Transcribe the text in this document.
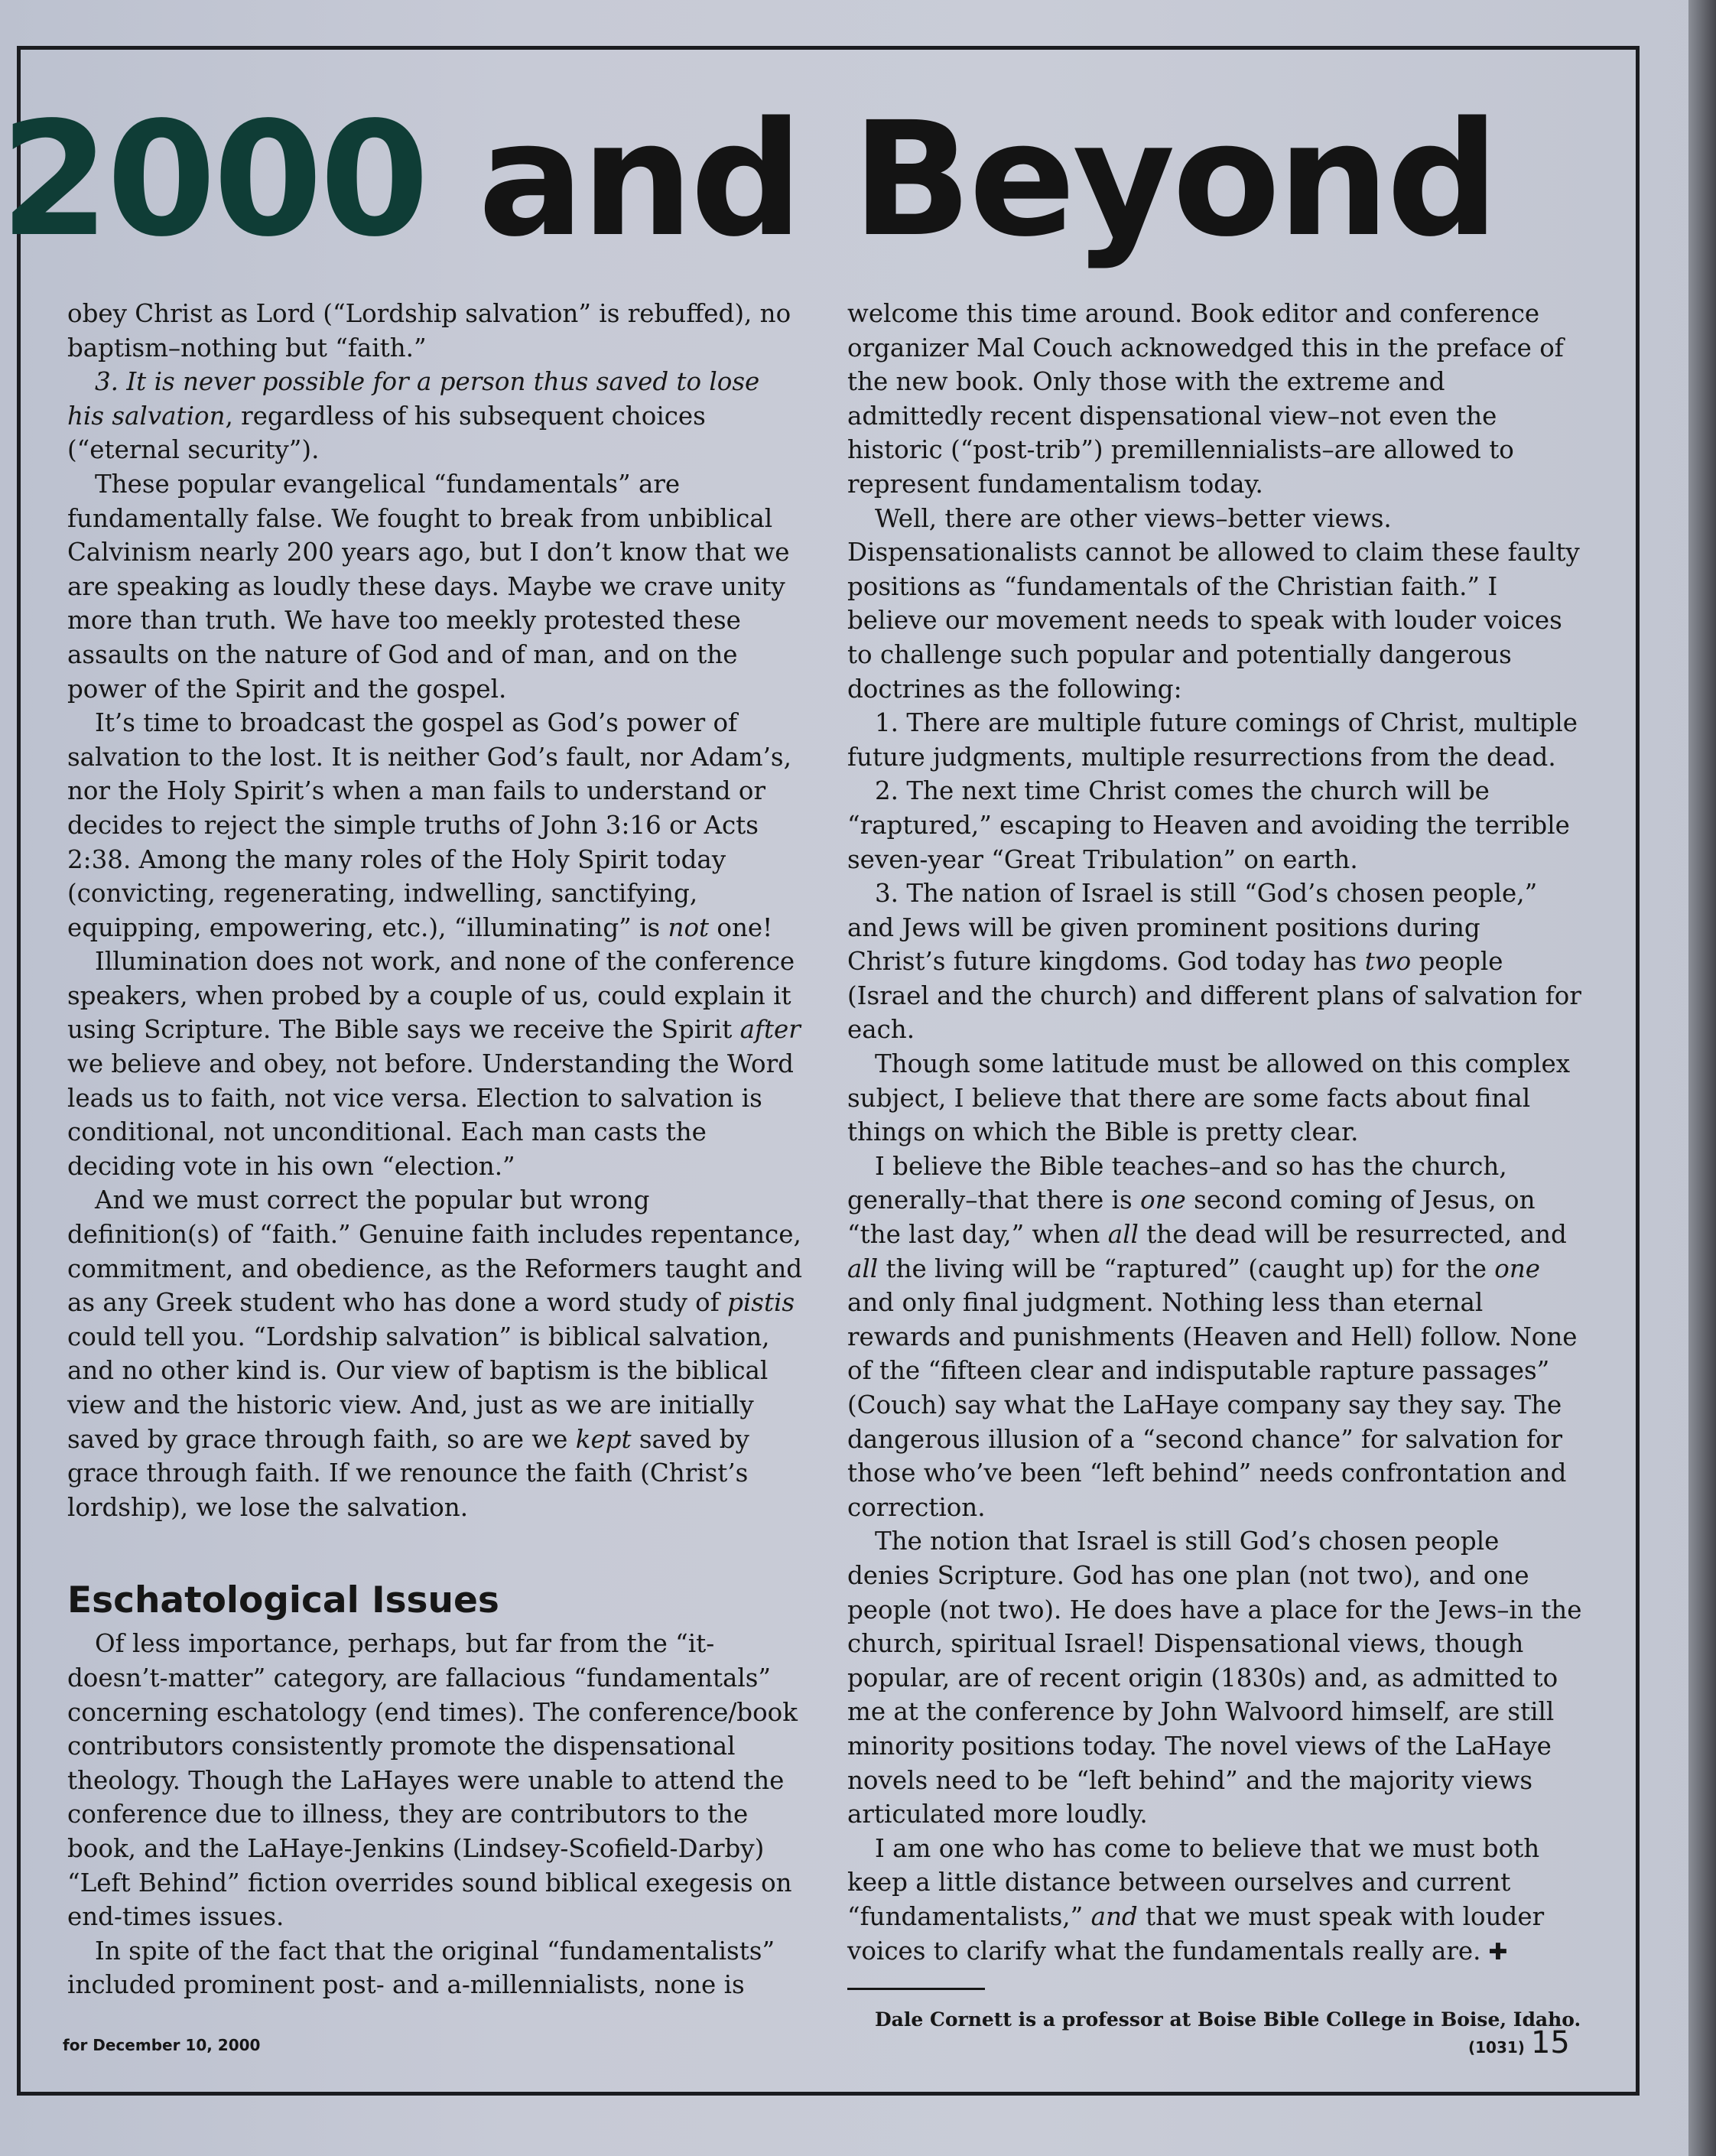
2000 and Beyond

obey Christ as Lord (“Lordship salvation” is rebuffed), no baptism–nothing but “faith.”

3. It is never possible for a person thus saved to lose his salvation, regardless of his subsequent choices (“eternal security”).

These popular evangelical “fundamentals” are fundamentally false. We fought to break from unbiblical Calvinism nearly 200 years ago, but I don’t know that we are speaking as loudly these days. Maybe we crave unity more than truth. We have too meekly protested these assaults on the nature of God and of man, and on the power of the Spirit and the gospel.

It’s time to broadcast the gospel as God’s power of salvation to the lost. It is neither God’s fault, nor Adam’s, nor the Holy Spirit’s when a man fails to understand or decides to reject the simple truths of John 3:16 or Acts 2:38. Among the many roles of the Holy Spirit today (convicting, regenerating, indwelling, sanctifying, equipping, empowering, etc.), “illuminating” is not one!

Illumination does not work, and none of the conference speakers, when probed by a couple of us, could explain it using Scripture. The Bible says we receive the Spirit after we believe and obey, not before. Understanding the Word leads us to faith, not vice versa. Election to salvation is conditional, not unconditional. Each man casts the deciding vote in his own “election.”

And we must correct the popular but wrong definition(s) of “faith.” Genuine faith includes repentance, commitment, and obedience, as the Reformers taught and as any Greek student who has done a word study of pistis could tell you. “Lordship salvation” is biblical salvation, and no other kind is. Our view of baptism is the biblical view and the historic view. And, just as we are initially saved by grace through faith, so are we kept saved by grace through faith. If we renounce the faith (Christ’s lordship), we lose the salvation.

Eschatological Issues

Of less importance, perhaps, but far from the “it-doesn’t-matter” category, are fallacious “fundamentals” concerning eschatology (end times). The conference/book contributors consistently promote the dispensational theology. Though the LaHayes were unable to attend the conference due to illness, they are contributors to the book, and the LaHaye-Jenkins (Lindsey-Scofield-Darby) “Left Behind” fiction overrides sound biblical exegesis on end-times issues.

In spite of the fact that the original “fundamentalists” included prominent post- and a-millennialists, none is

welcome this time around. Book editor and conference organizer Mal Couch acknowedged this in the preface of the new book. Only those with the extreme and admittedly recent dispensational view–not even the historic (“post-trib”) premillennialists–are allowed to represent fundamentalism today.

Well, there are other views–better views. Dispensationalists cannot be allowed to claim these faulty positions as “fundamentals of the Christian faith.” I believe our movement needs to speak with louder voices to challenge such popular and potentially dangerous doctrines as the following:

1. There are multiple future comings of Christ, multiple future judgments, multiple resurrections from the dead.

2. The next time Christ comes the church will be “raptured,” escaping to Heaven and avoiding the terrible seven-year “Great Tribulation” on earth.

3. The nation of Israel is still “God’s chosen people,” and Jews will be given prominent positions during Christ’s future kingdoms. God today has two people (Israel and the church) and different plans of salvation for each.

Though some latitude must be allowed on this complex subject, I believe that there are some facts about final things on which the Bible is pretty clear.

I believe the Bible teaches–and so has the church, generally–that there is one second coming of Jesus, on “the last day,” when all the dead will be resurrected, and all the living will be “raptured” (caught up) for the one and only final judgment. Nothing less than eternal rewards and punishments (Heaven and Hell) follow. None of the “fifteen clear and indisputable rapture passages” (Couch) say what the LaHaye company say they say. The dangerous illusion of a “second chance” for salvation for those who’ve been “left behind” needs confrontation and correction.

The notion that Israel is still God’s chosen people denies Scripture. God has one plan (not two), and one people (not two). He does have a place for the Jews–in the church, spiritual Israel! Dispensational views, though popular, are of recent origin (1830s) and, as admitted to me at the conference by John Walvoord himself, are still minority positions today. The novel views of the LaHaye novels need to be “left behind” and the majority views articulated more loudly.

I am one who has come to believe that we must both keep a little distance between ourselves and current “fundamentalists,” and that we must speak with louder voices to clarify what the fundamentals really are. ✚

Dale Cornett is a professor at Boise Bible College in Boise, Idaho.

for December 10, 2000	(1031) 15
